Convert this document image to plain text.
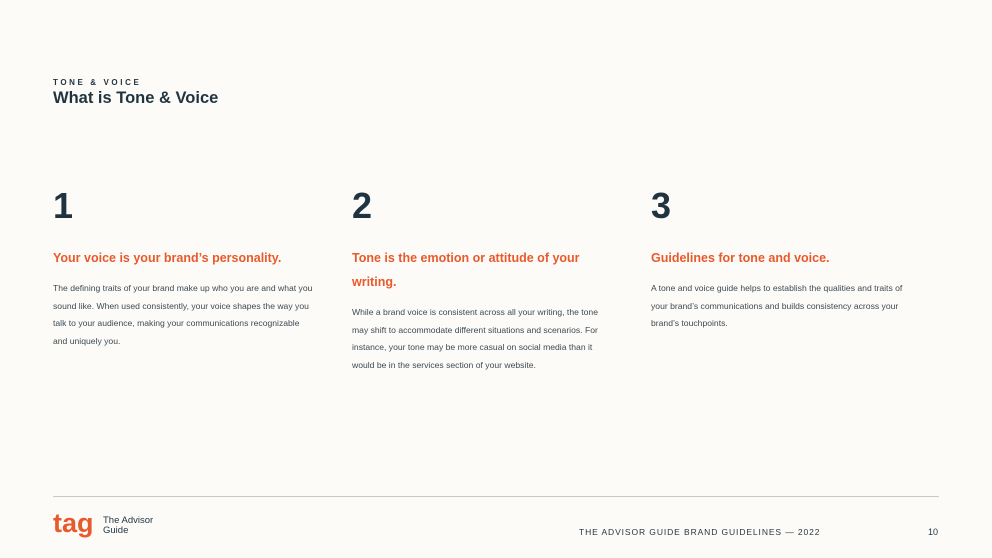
TONE & VOICE
What is Tone & Voice
1
Your voice is your brand’s personality.

The defining traits of your brand make up who you are and what you sound like. When used consistently, your voice shapes the way you talk to your audience, making your communications recognizable and uniquely you.

2
Tone is the emotion or attitude of your writing.

While a brand voice is consistent across all your writing, the tone may shift to accommodate different situations and scenarios. For instance, your tone may be more casual on social media than it would be in the services section of your website.

3
Guidelines for tone and voice.

A tone and voice guide helps to establish the qualities and traits of your brand’s communications and builds consistency across your brand’s touchpoints.

tag The Advisor
Guide	THE ADVISOR GUIDE BRAND GUIDELINES — 2022	10
